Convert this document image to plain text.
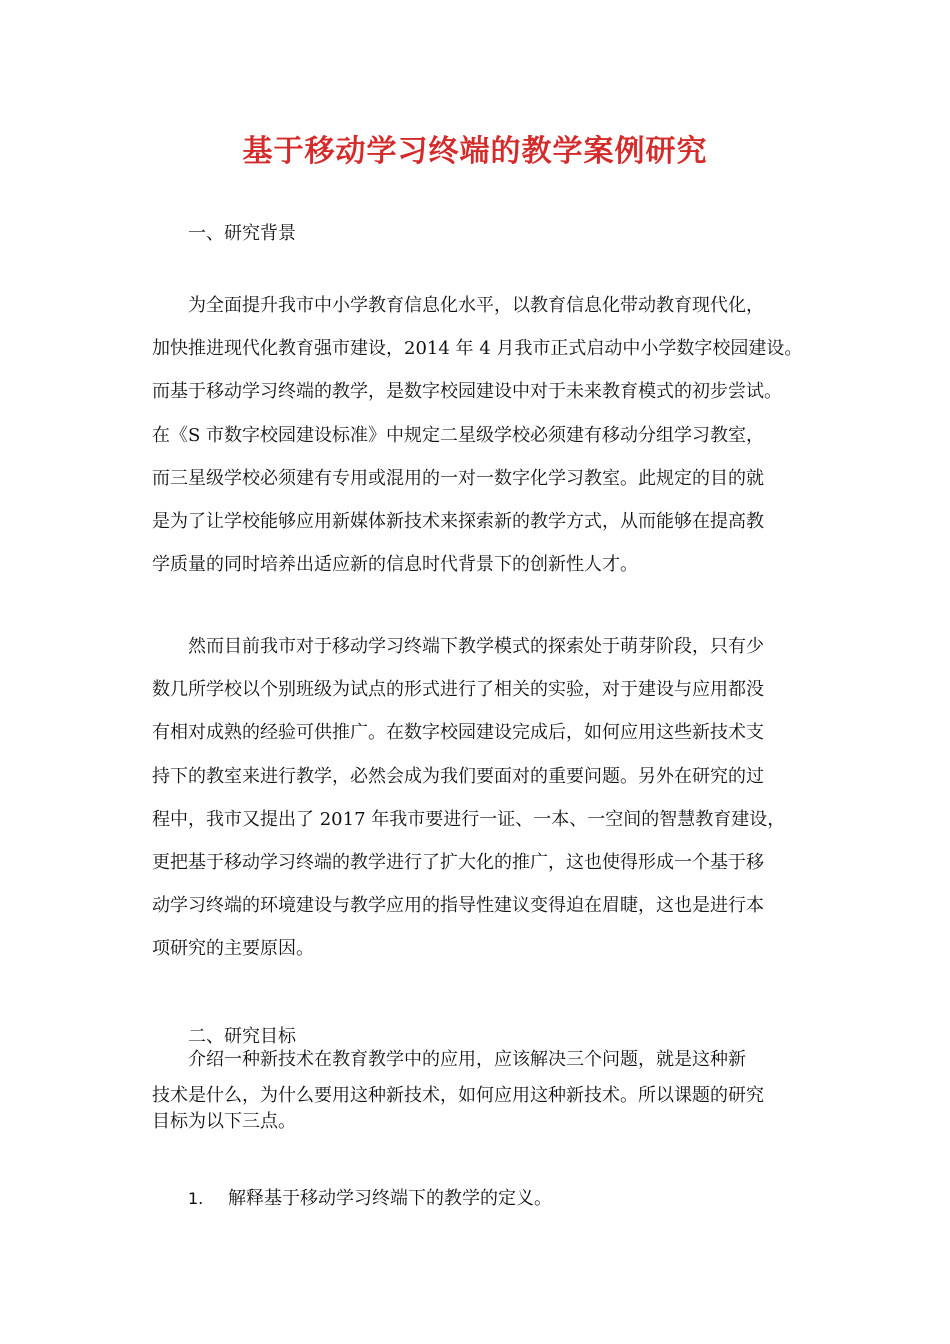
基于移动学习终端的教学案例研究
一、研究背景
为全面提升我市中小学教育信息化水平，以教育信息化带动教育现代化，
加快推进现代化教育强市建设，2014 年 4 月我市正式启动中小学数字校园建设。
而基于移动学习终端的教学，是数字校园建设中对于未来教育模式的初步尝试。
在《S 市数字校园建设标准》中规定二星级学校必须建有移动分组学习教室，
而三星级学校必须建有专用或混用的一对一数字化学习教室。此规定的目的就
是为了让学校能够应用新媒体新技术来探索新的教学方式，从而能够在提高教
学质量的同时培养出适应新的信息时代背景下的创新性人才。
然而目前我市对于移动学习终端下教学模式的探索处于萌芽阶段，只有少
数几所学校以个别班级为试点的形式进行了相关的实验，对于建设与应用都没
有相对成熟的经验可供推广。在数字校园建设完成后，如何应用这些新技术支
持下的教室来进行教学，必然会成为我们要面对的重要问题。另外在研究的过
程中，我市又提出了 2017 年我市要进行一证、一本、一空间的智慧教育建设，
更把基于移动学习终端的教学进行了扩大化的推广，这也使得形成一个基于移
动学习终端的环境建设与教学应用的指导性建议变得迫在眉睫，这也是进行本
项研究的主要原因。
二、研究目标
介绍一种新技术在教育教学中的应用，应该解决三个问题，就是这种新
技术是什么，为什么要用这种新技术，如何应用这种新技术。所以课题的研究
目标为以下三点。
1. 解释基于移动学习终端下的教学的定义。
